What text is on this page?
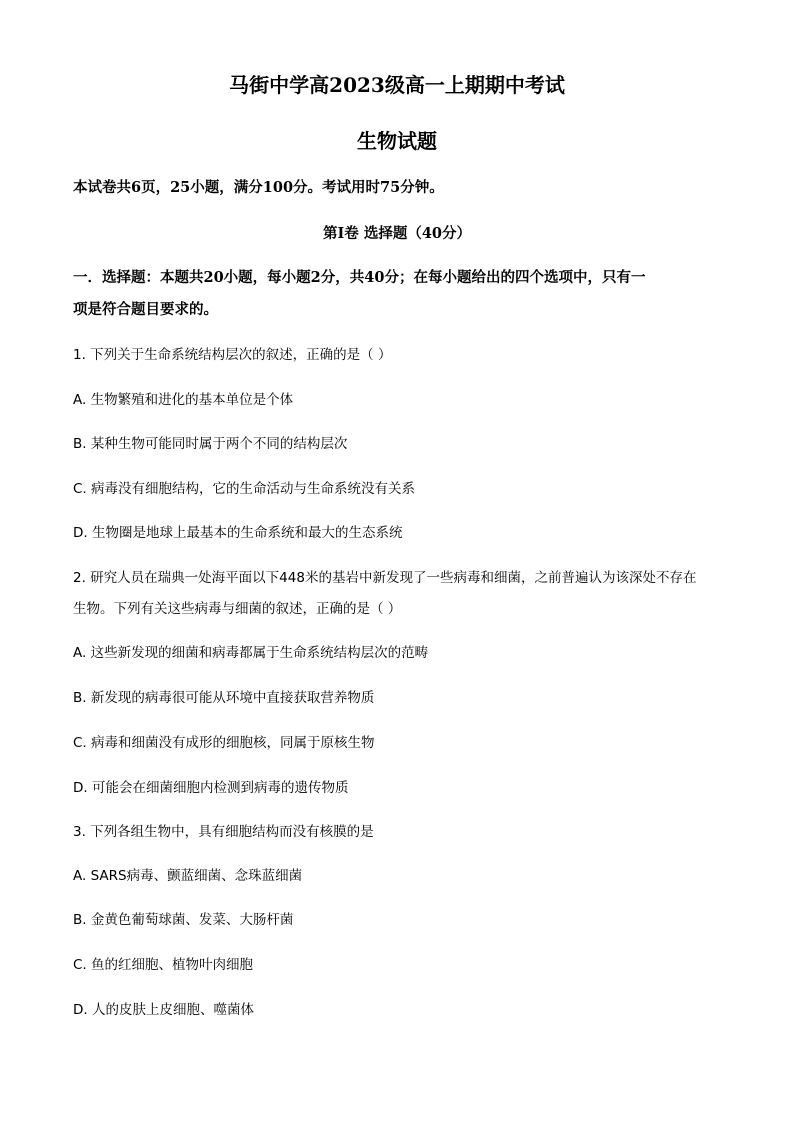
马街中学高2023级高一上期期中考试
生物试题
本试卷共6页，25小题，满分100分。考试用时75分钟。
第Ⅰ卷 选择题（40分）
一．选择题：本题共20小题，每小题2分，共40分；在每小题给出的四个选项中，只有一
项是符合题目要求的。
1. 下列关于生命系统结构层次的叙述，正确的是（ ）
A. 生物繁殖和进化的基本单位是个体
B. 某种生物可能同时属于两个不同的结构层次
C. 病毒没有细胞结构，它的生命活动与生命系统没有关系
D. 生物圈是地球上最基本的生命系统和最大的生态系统
2. 研究人员在瑞典一处海平面以下448米的基岩中新发现了一些病毒和细菌，之前普遍认为该深处不存在
生物。下列有关这些病毒与细菌的叙述，正确的是（ ）
A. 这些新发现的细菌和病毒都属于生命系统结构层次的范畴
B. 新发现的病毒很可能从环境中直接获取营养物质
C. 病毒和细菌没有成形的细胞核，同属于原核生物
D. 可能会在细菌细胞内检测到病毒的遗传物质
3. 下列各组生物中，具有细胞结构而没有核膜的是
A. SARS病毒、颤蓝细菌、念珠蓝细菌
B. 金黄色葡萄球菌、发菜、大肠杆菌
C. 鱼的红细胞、植物叶肉细胞
D. 人的皮肤上皮细胞、噬菌体
